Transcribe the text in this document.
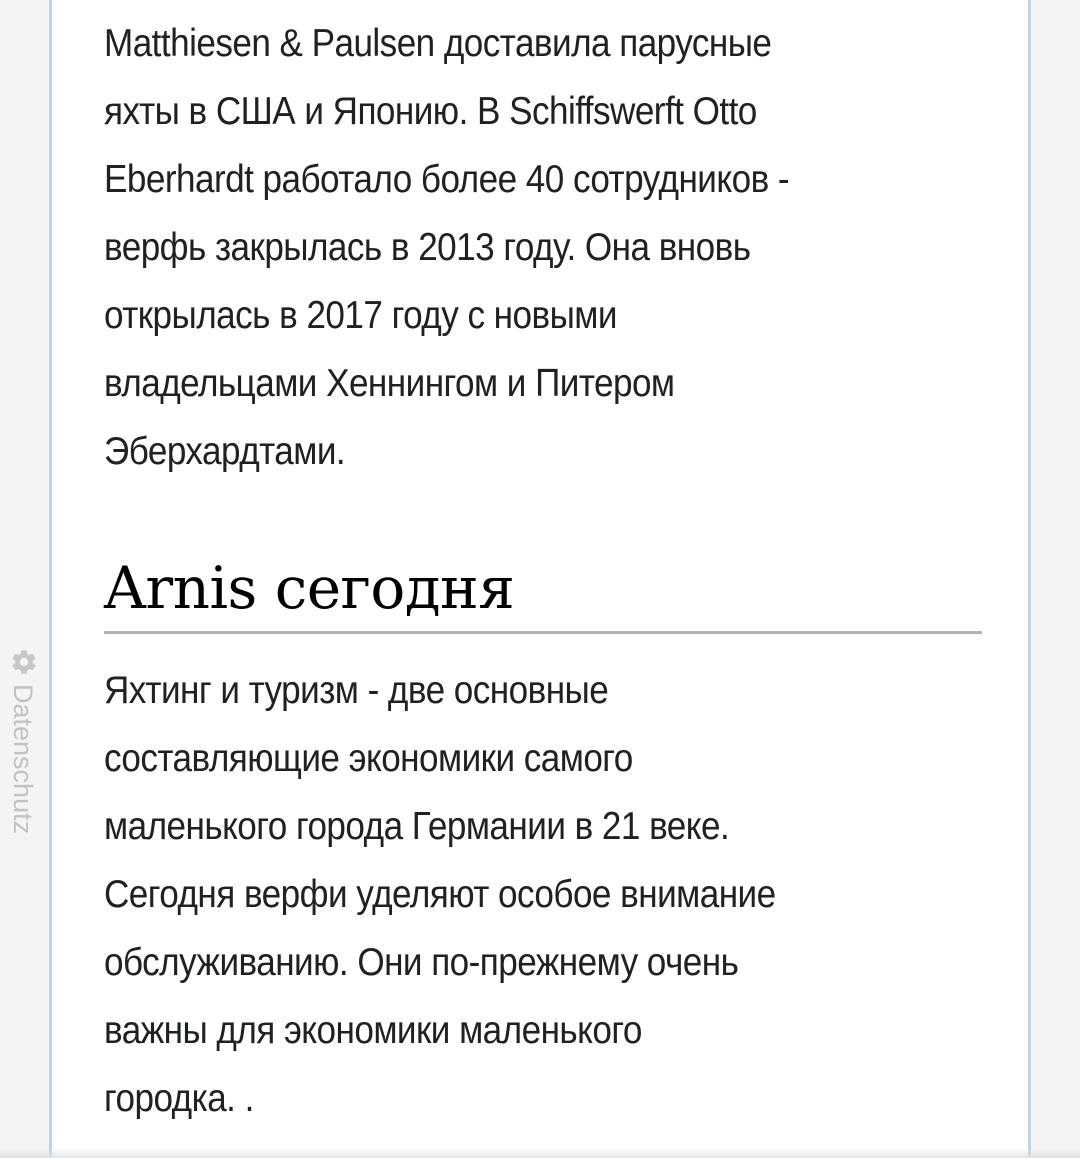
Matthiesen & Paulsen доставила парусные
яхты в США и Японию. В Schiffswerft Otto
Eberhardt работало более 40 сотрудников -
верфь закрылась в 2013 году. Она вновь
открылась в 2017 году с новыми
владельцами Хеннингом и Питером
Эберхардтами.
Arnis сегодня
Яхтинг и туризм - две основные
составляющие экономики самого
маленького города Германии в 21 веке.
Сегодня верфи уделяют особое внимание
обслуживанию. Они по-прежнему очень
важны для экономики маленького
городка. .
Datenschutz
